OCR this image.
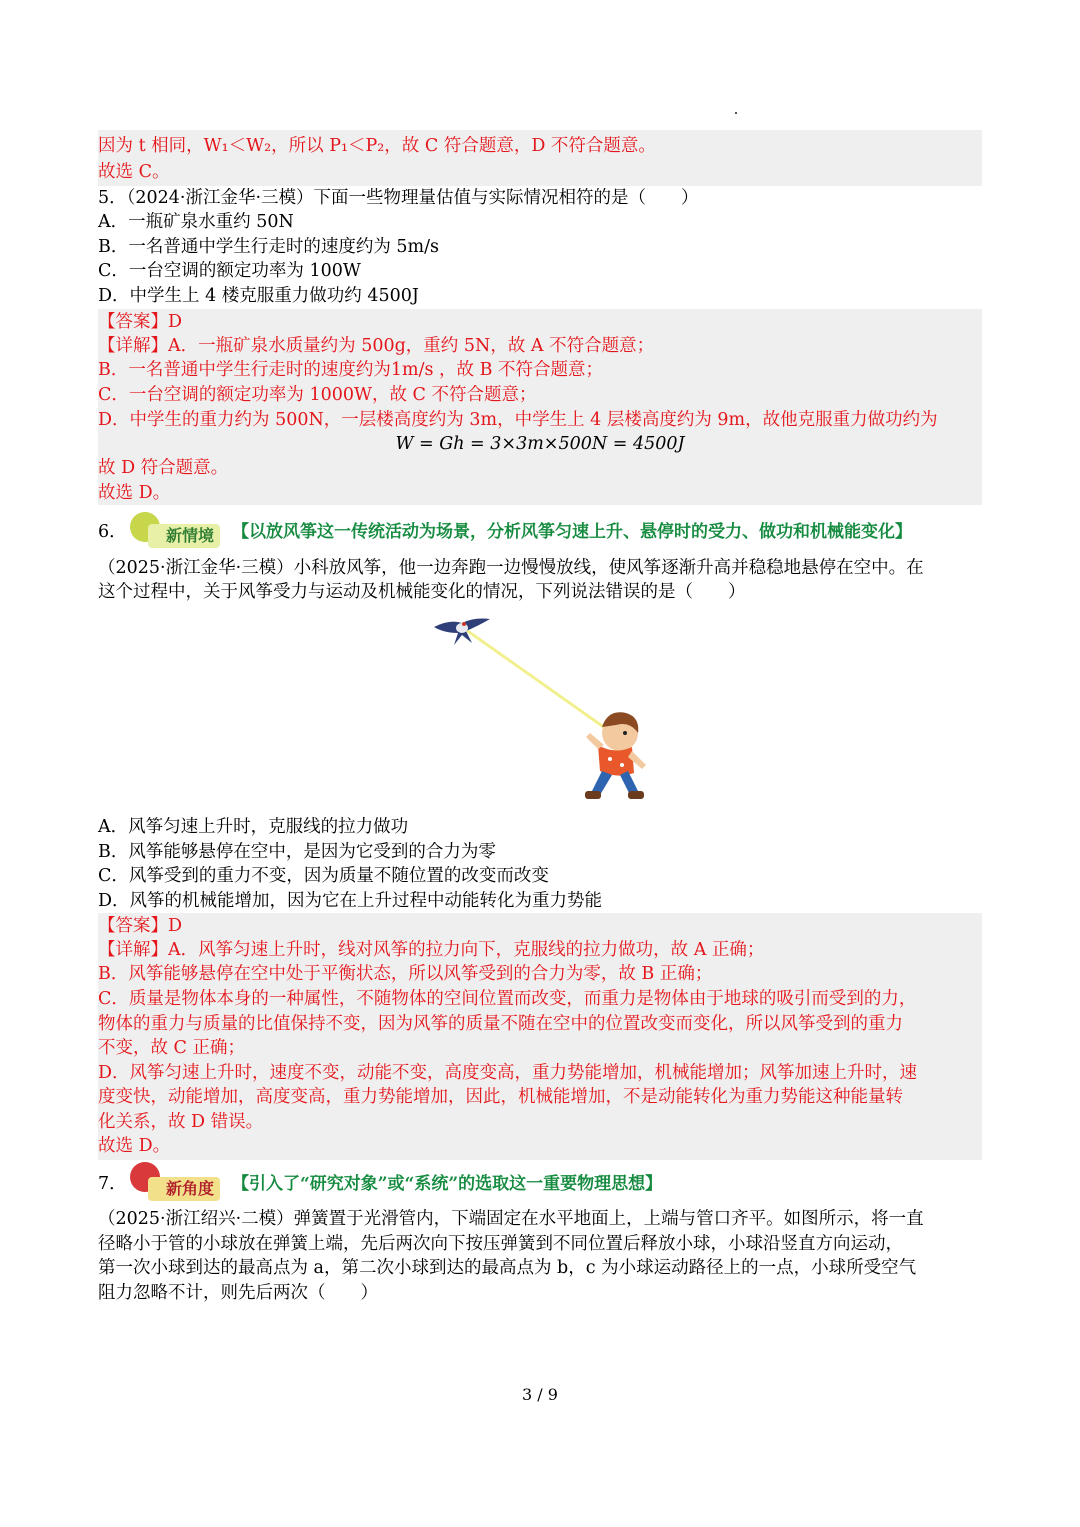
因为 t 相同，W₁＜W₂，所以 P₁＜P₂，故 C 符合题意，D 不符合题意。
故选 C。
5．（2024·浙江金华·三模）下面一些物理量估值与实际情况相符的是（　　）
A．一瓶矿泉水重约 50N
B．一名普通中学生行走时的速度约为 5m/s
C．一台空调的额定功率为 100W
D．中学生上 4 楼克服重力做功约 4500J
【答案】D
【详解】A．一瓶矿泉水质量约为 500g，重约 5N，故 A 不符合题意；
B．一名普通中学生行走时的速度约为1m/s ，故 B 不符合题意；
C．一台空调的额定功率为 1000W，故 C 不符合题意；
D．中学生的重力约为 500N，一层楼高度约为 3m，中学生上 4 层楼高度约为 9m，故他克服重力做功约为
W = Gh = 3×3m×500N = 4500J
故 D 符合题意。
故选 D。
6．	新情境	【以放风筝这一传统活动为场景，分析风筝匀速上升、悬停时的受力、做功和机械能变化】
（2025·浙江金华·三模）小科放风筝，他一边奔跑一边慢慢放线，使风筝逐渐升高并稳稳地悬停在空中。在
这个过程中，关于风筝受力与运动及机械能变化的情况，下列说法错误的是（　　）
A．风筝匀速上升时，克服线的拉力做功
B．风筝能够悬停在空中，是因为它受到的合力为零
C．风筝受到的重力不变，因为质量不随位置的改变而改变
D．风筝的机械能增加，因为它在上升过程中动能转化为重力势能
【答案】D
【详解】A．风筝匀速上升时，线对风筝的拉力向下，克服线的拉力做功，故 A 正确；
B．风筝能够悬停在空中处于平衡状态，所以风筝受到的合力为零，故 B 正确；
C．质量是物体本身的一种属性，不随物体的空间位置而改变，而重力是物体由于地球的吸引而受到的力，
物体的重力与质量的比值保持不变，因为风筝的质量不随在空中的位置改变而变化，所以风筝受到的重力
不变，故 C 正确；
D．风筝匀速上升时，速度不变，动能不变，高度变高，重力势能增加，机械能增加；风筝加速上升时，速
度变快，动能增加，高度变高，重力势能增加，因此，机械能增加，不是动能转化为重力势能这种能量转
化关系，故 D 错误。
故选 D。
7．	新角度	【引入了“研究对象”或“系统”的选取这一重要物理思想】
（2025·浙江绍兴·二模）弹簧置于光滑管内，下端固定在水平地面上，上端与管口齐平。如图所示，将一直
径略小于管的小球放在弹簧上端，先后两次向下按压弹簧到不同位置后释放小球，小球沿竖直方向运动，
第一次小球到达的最高点为 a，第二次小球到达的最高点为 b，c 为小球运动路径上的一点，小球所受空气
阻力忽略不计，则先后两次（　　）
3 / 9
